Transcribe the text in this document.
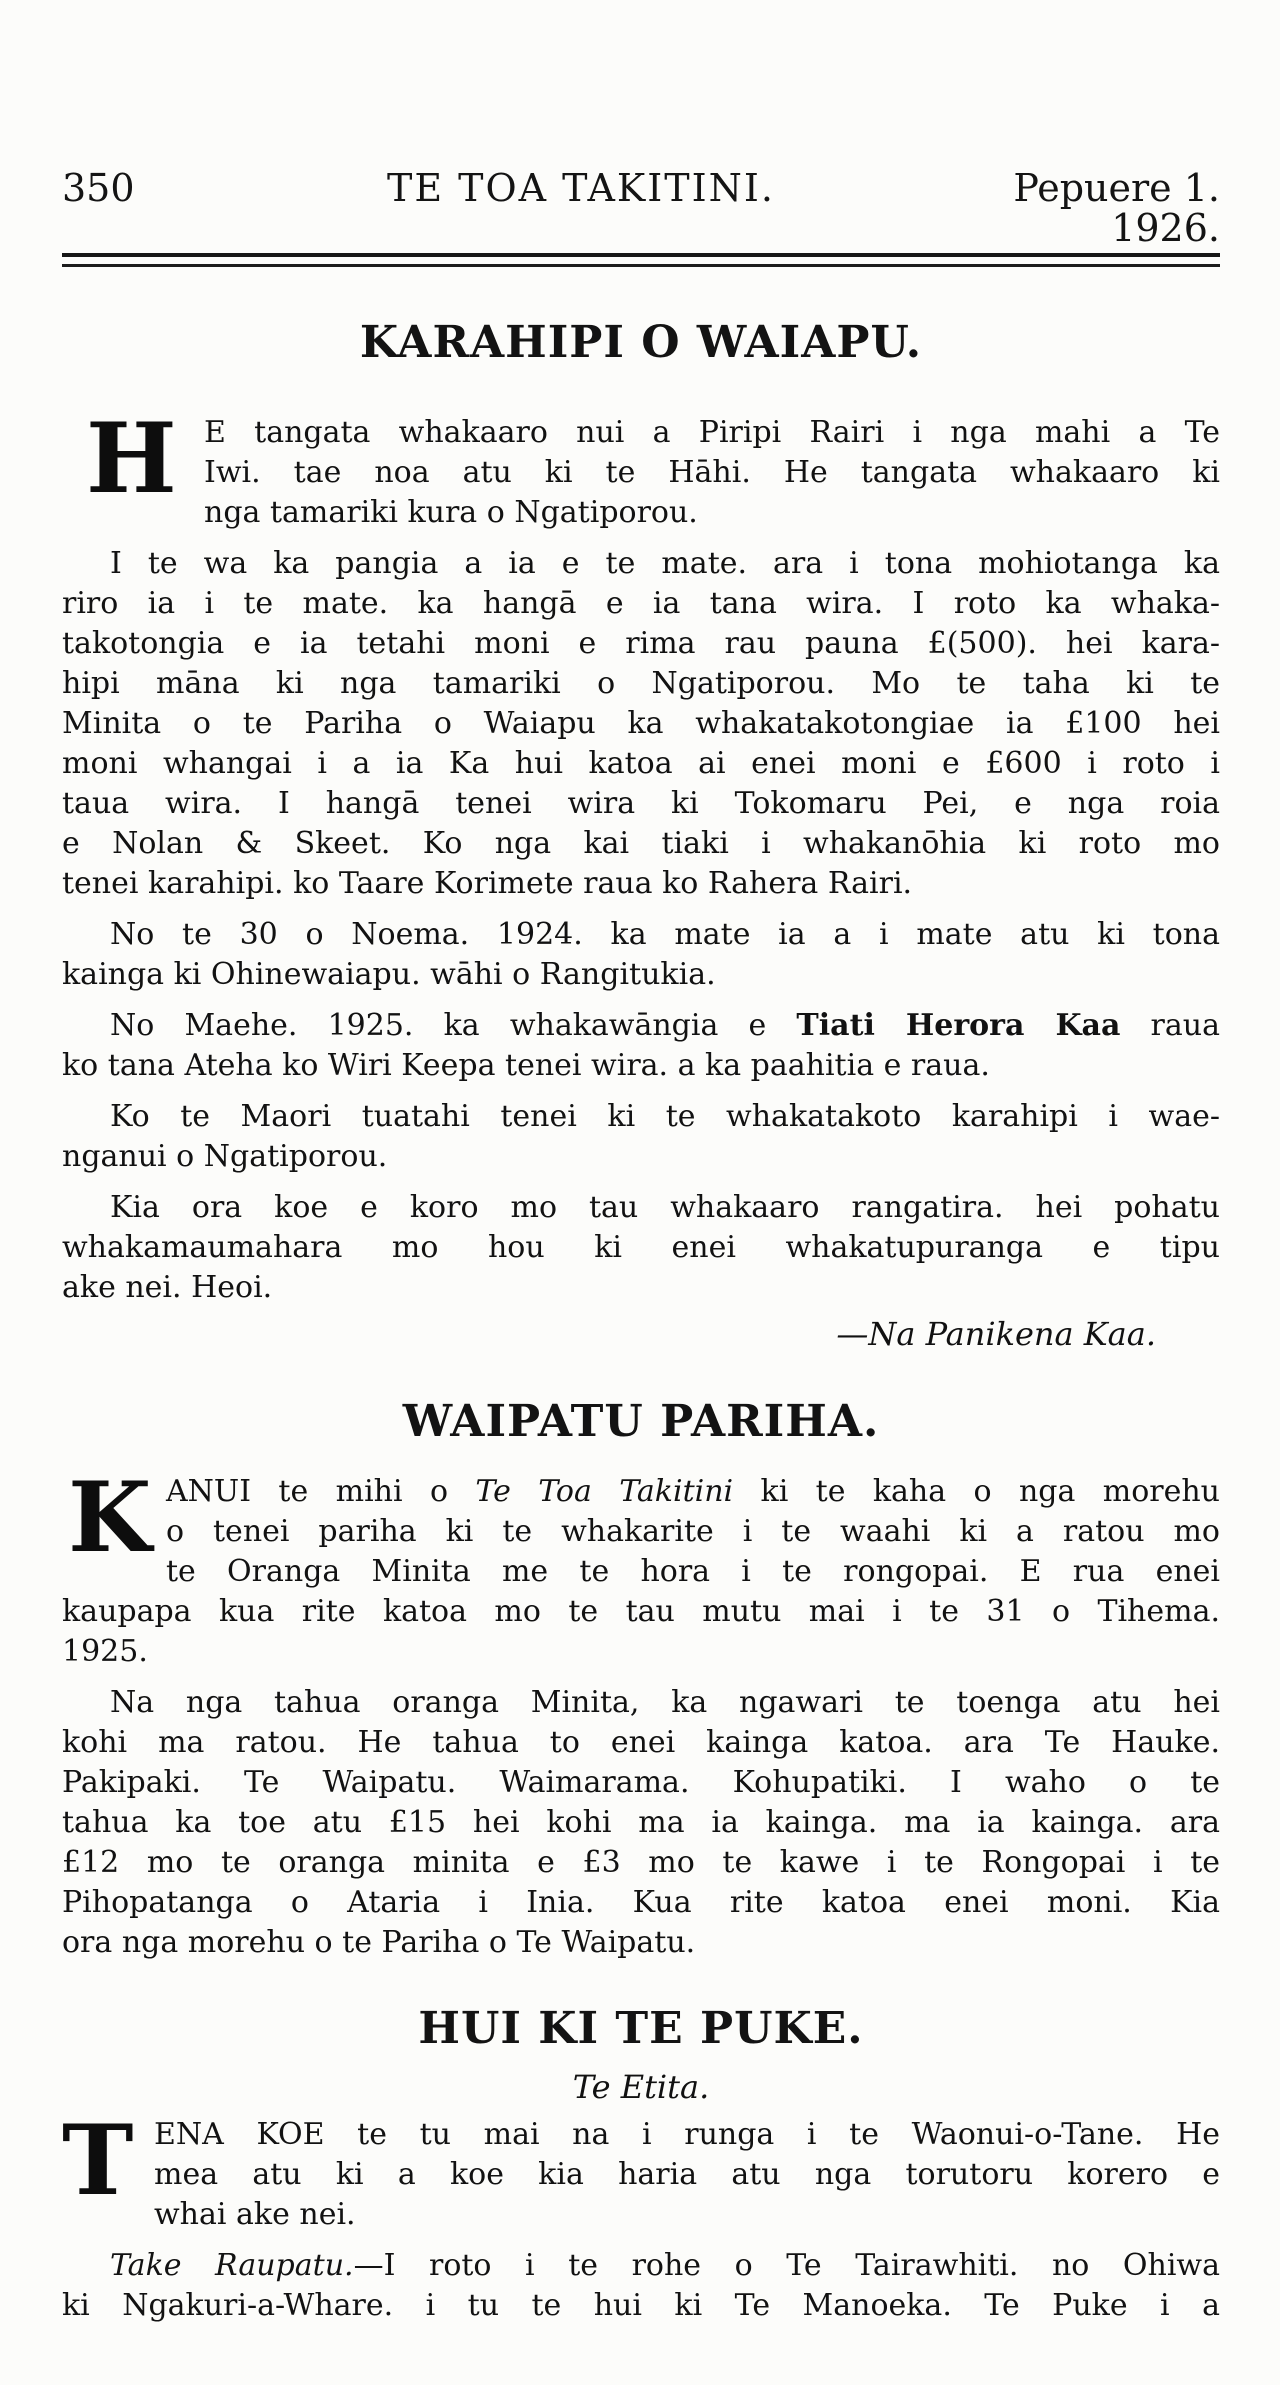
350	TE TOA TAKITINI.	Pepuere 1. 1926.
KARAHIPI O WAIAPU.
H E tangata whakaaro nui a Piripi Rairi i nga mahi a Te
Iwi. tae noa atu ki te Hāhi. He tangata whakaaro ki
nga tamariki kura o Ngatiporou.
I te wa ka pangia a ia e te mate. ara i tona mohiotanga ka
riro ia i te mate. ka hangā e ia tana wira. I roto ka whaka-
takotongia e ia tetahi moni e rima rau pauna £(500). hei kara-
hipi māna ki nga tamariki o Ngatiporou. Mo te taha ki te
Minita o te Pariha o Waiapu ka whakatakotongiae ia £100 hei
moni whangai i a ia Ka hui katoa ai enei moni e £600 i roto i
taua wira. I hangā tenei wira ki Tokomaru Pei, e nga roia
e Nolan & Skeet. Ko nga kai tiaki i whakanōhia ki roto mo
tenei karahipi. ko Taare Korimete raua ko Rahera Rairi.
No te 30 o Noema. 1924. ka mate ia a i mate atu ki tona
kainga ki Ohinewaiapu. wāhi o Rangitukia.
No Maehe. 1925. ka whakawāngia e Tiati Herora Kaa raua
ko tana Ateha ko Wiri Keepa tenei wira. a ka paahitia e raua.
Ko te Maori tuatahi tenei ki te whakatakoto karahipi i wae-
nganui o Ngatiporou.
Kia ora koe e koro mo tau whakaaro rangatira. hei pohatu
whakamaumahara mo hou ki enei whakatupuranga e tipu
ake nei. Heoi.
—Na Panikena Kaa.
WAIPATU PARIHA.
K ANUI te mihi o Te Toa Takitini ki te kaha o nga morehu
o tenei pariha ki te whakarite i te waahi ki a ratou mo
te Oranga Minita me te hora i te rongopai. E rua enei
kaupapa kua rite katoa mo te tau mutu mai i te 31 o Tihema.
1925.
Na nga tahua oranga Minita, ka ngawari te toenga atu hei
kohi ma ratou. He tahua to enei kainga katoa. ara Te Hauke.
Pakipaki. Te Waipatu. Waimarama. Kohupatiki. I waho o te
tahua ka toe atu £15 hei kohi ma ia kainga. ma ia kainga. ara
£12 mo te oranga minita e £3 mo te kawe i te Rongopai i te
Pihopatanga o Ataria i Inia. Kua rite katoa enei moni. Kia
ora nga morehu o te Pariha o Te Waipatu.
HUI KI TE PUKE.
Te Etita.
T ENA KOE te tu mai na i runga i te Waonui-o-Tane. He
mea atu ki a koe kia haria atu nga torutoru korero e
whai ake nei.
Take Raupatu.—I roto i te rohe o Te Tairawhiti. no Ohiwa
ki Ngakuri-a-Whare. i tu te hui ki Te Manoeka. Te Puke i a
